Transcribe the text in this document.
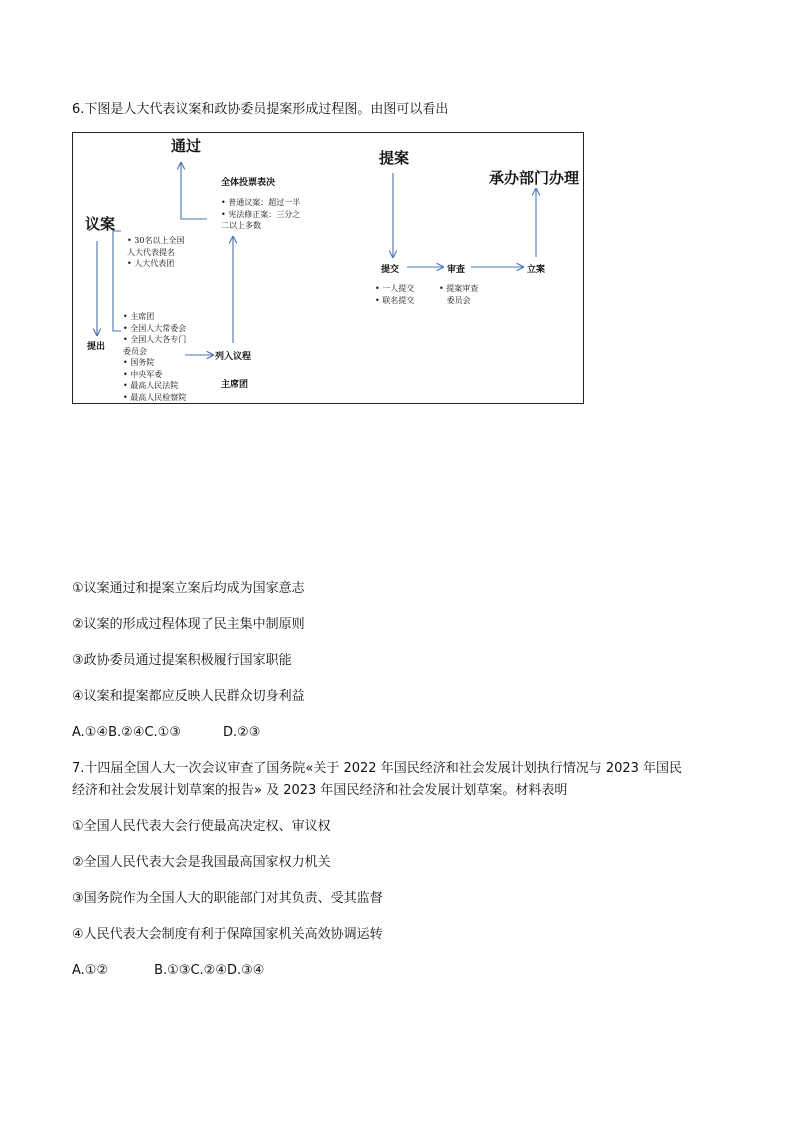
6.下图是人大代表议案和政协委员提案形成过程图。由图可以看出
通过
全体投票表决
• 普通议案：超过一半
• 宪法修正案：三分之
二以上多数
议案
• 30名以上全国
人大代表提名
• 人大代表团
• 主席团
• 全国人大常委会
• 全国人大各专门
委员会
• 国务院
• 中央军委
• 最高人民法院
• 最高人民检察院
提出
列入议程
主席团
提案
承办部门办理
提交	审查	立案
• 一人提交
• 联名提交
• 提案审查
委员会
①议案通过和提案立案后均成为国家意志
②议案的形成过程体现了民主集中制原则
③政协委员通过提案积极履行国家职能
④议案和提案都应反映人民群众切身利益
A.①④B.②④C.①③	D.②③
7.十四届全国人大一次会议审查了国务院«关于 2022 年国民经济和社会发展计划执行情况与 2023 年国民
经济和社会发展计划草案的报告» 及 2023 年国民经济和社会发展计划草案。材料表明
①全国人民代表大会行使最高决定权、审议权
②全国人民代表大会是我国最高国家权力机关
③国务院作为全国人大的职能部门对其负责、受其监督
④人民代表大会制度有利于保障国家机关高效协调运转
A.①②	B.①③C.②④D.③④
